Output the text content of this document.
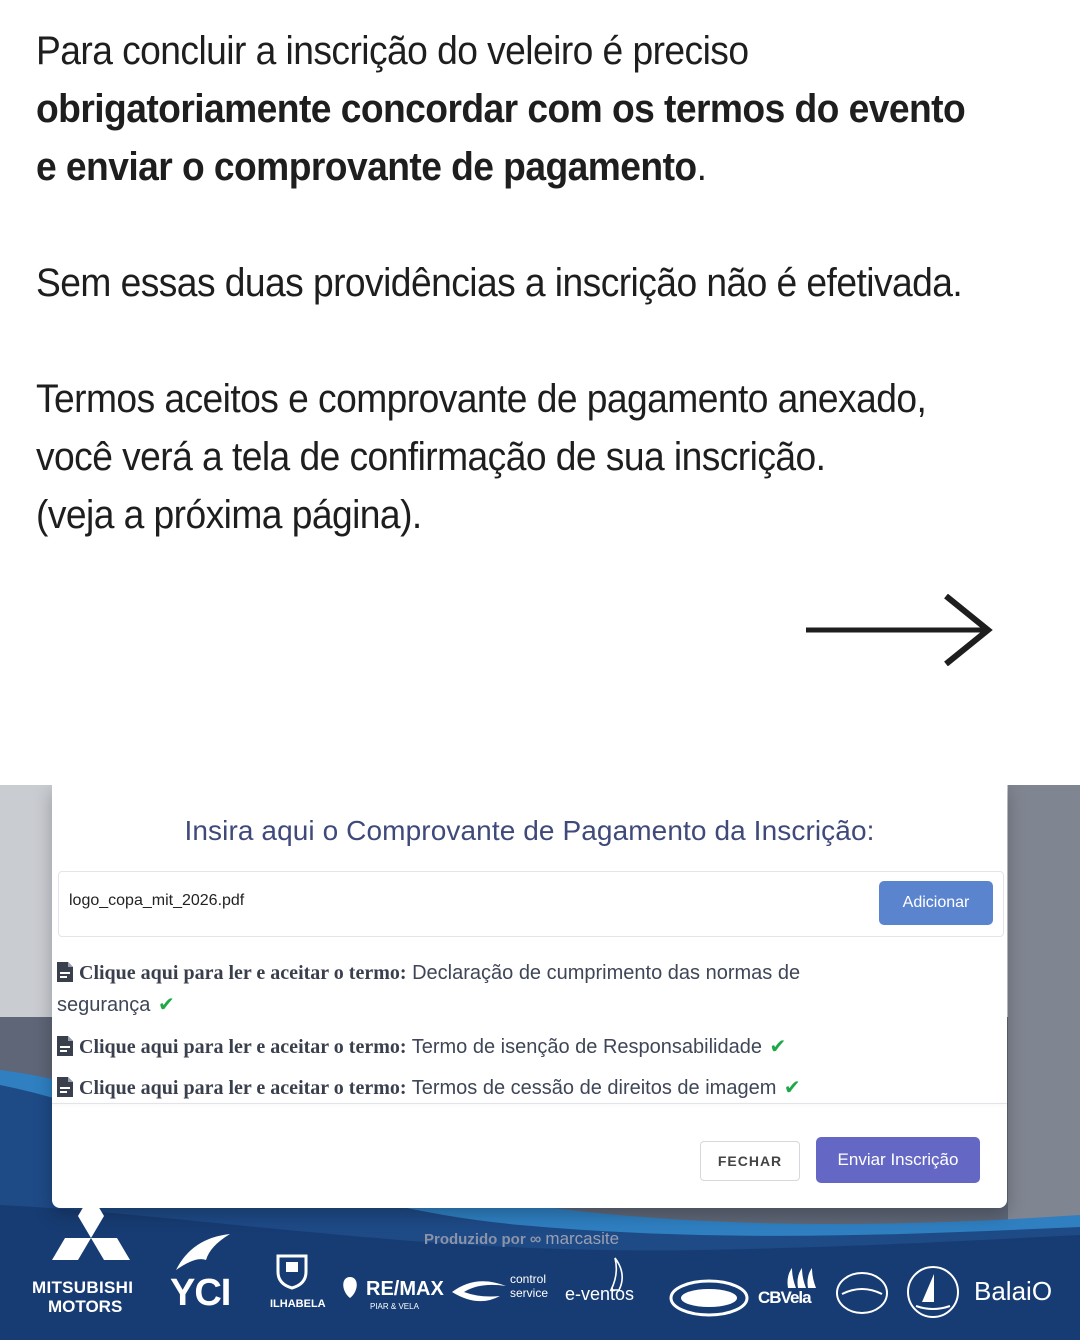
Para concluir a inscrição do veleiro é preciso

obrigatoriamente concordar com os termos do evento

e enviar o comprovante de pagamento.

Sem essas duas providências a inscrição não é efetivada.

Termos aceitos e comprovante de pagamento anexado,

você verá a tela de confirmação de sua inscrição.

(veja a próxima página).

Insira aqui o Comprovante de Pagamento da Inscrição:
logo_copa_mit_2026.pdf	Adicionar
Clique aqui para ler e aceitar o termo: Declaração de cumprimento das normas de
segurança ✔
Clique aqui para ler e aceitar o termo: Termo de isenção de Responsabilidade ✔
Clique aqui para ler e aceitar o termo: Termos de cessão de direitos de imagem ✔
FECHAR	Enviar Inscrição
Produzido por ∞ marcasite
MITSUBISHI
MOTORS YCI	ILHABELA
RE/MAX
PIAR & VELA
control
service e-ventos	CBVela	BalaiO
